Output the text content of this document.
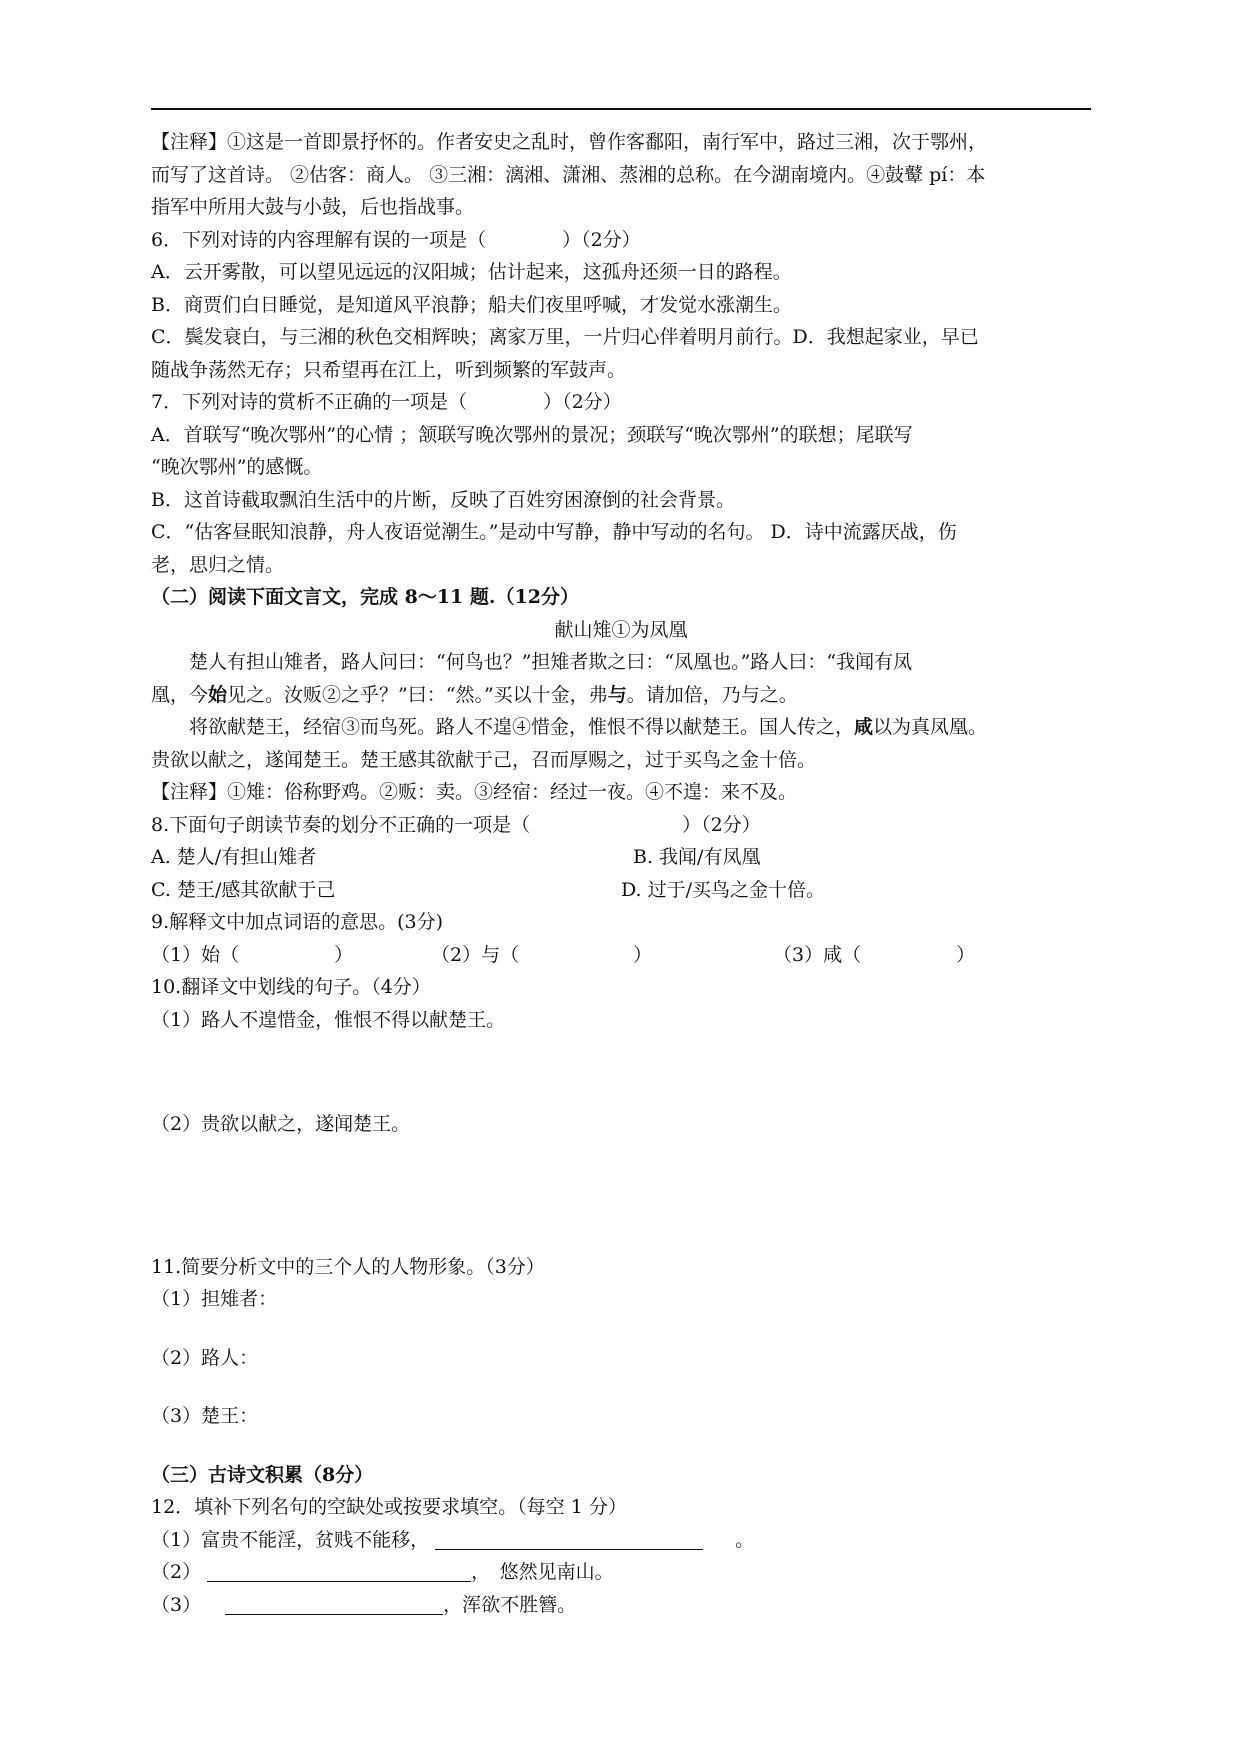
【注释】①这是一首即景抒怀的。作者安史之乱时，曾作客鄱阳，南行军中，路过三湘，次于鄂州，
而写了这首诗。 ②估客：商人。 ③三湘：漓湘、潇湘、蒸湘的总称。在今湖南境内。④鼓鼙 pí：本
指军中所用大鼓与小鼓，后也指战事。
6．下列对诗的内容理解有误的一项是（　　　　）（2分）
A．云开雾散，可以望见远远的汉阳城；估计起来，这孤舟还须一日的路程。
B．商贾们白日睡觉，是知道风平浪静；船夫们夜里呼喊，才发觉水涨潮生。
C．鬓发衰白，与三湘的秋色交相辉映；离家万里，一片归心伴着明月前行。D．我想起家业，早已
随战争荡然无存；只希望再在江上，听到频繁的军鼓声。
7．下列对诗的赏析不正确的一项是（　　　　）（2分）
A．首联写“晚次鄂州”的心情 ；颔联写晚次鄂州的景况；颈联写“晚次鄂州”的联想；尾联写
“晚次鄂州”的感慨。
B．这首诗截取飘泊生活中的片断，反映了百姓穷困潦倒的社会背景。
C．“估客昼眠知浪静，舟人夜语觉潮生。”是动中写静，静中写动的名句。 D．诗中流露厌战，伤
老，思归之情。
（二）阅读下面文言文，完成 8～11 题.（12分）
献山雉①为凤凰
楚人有担山雉者，路人问曰：“何鸟也？”担雉者欺之曰：“凤凰也。”路人曰：“我闻有凤
凰，今始见之。汝贩②之乎？”曰：“然。”买以十金，弗与。请加倍，乃与之。
将欲献楚王，经宿③而鸟死。路人不遑④惜金，惟恨不得以献楚王。国人传之，咸以为真凤凰。
贵欲以献之，遂闻楚王。楚王感其欲献于己，召而厚赐之，过于买鸟之金十倍。
【注释】①雉：俗称野鸡。②贩：卖。③经宿：经过一夜。④不遑：来不及。
8.下面句子朗读节奏的划分不正确的一项是（　　　　　　　　）（2分）
A. 楚人/有担山雉者	B. 我闻/有凤凰
C. 楚王/感其欲献于己	D. 过于/买鸟之金十倍。
9.解释文中加点词语的意思。(3分)
（1）始（　　　　　）	（2）与（　　　　　　）	（3）咸（　　　　　）
10.翻译文中划线的句子。（4分）
（1）路人不遑惜金，惟恨不得以献楚王。
（2）贵欲以献之，遂闻楚王。
11.简要分析文中的三个人的人物形象。（3分）
（1）担雉者：
（2）路人：
（3）楚王：
（三）古诗文积累（8分）
12．填补下列名句的空缺处或按要求填空。（每空 1 分）
（1）富贵不能淫，贫贱不能移，	。
（2）	，　悠然见南山。
（3）	，浑欲不胜簪。
